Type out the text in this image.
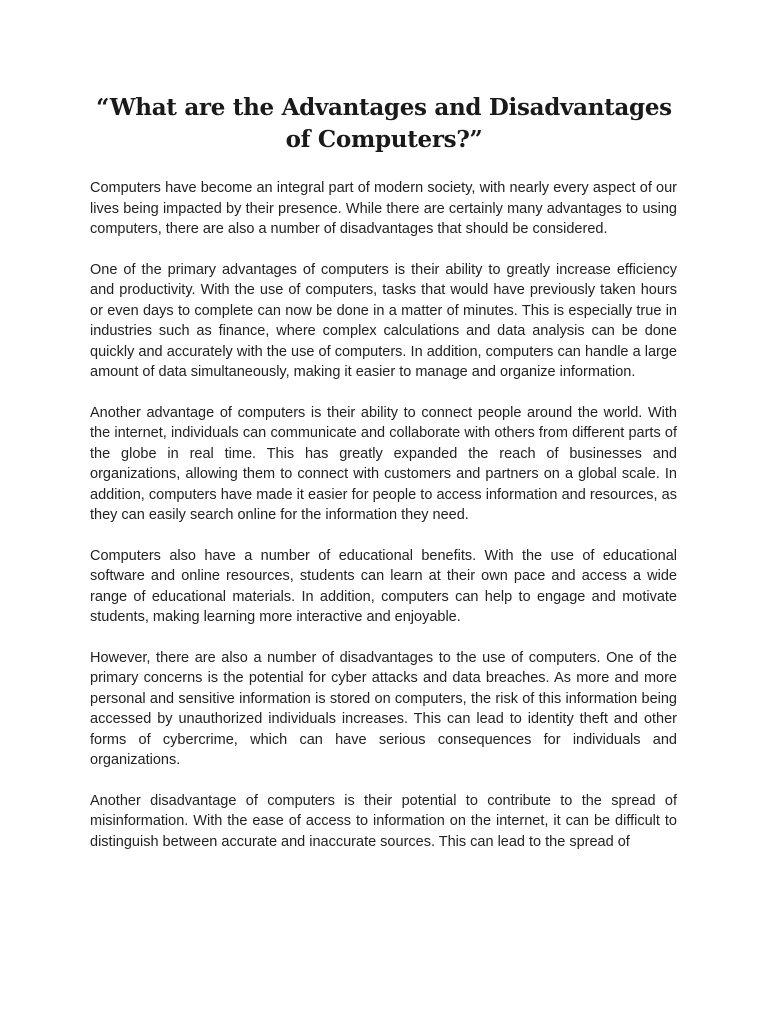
“What are the Advantages and Disadvantages of Computers?”

Computers have become an integral part of modern society, with nearly every aspect of our lives being impacted by their presence. While there are certainly many advantages to using computers, there are also a number of disadvantages that should be considered.

One of the primary advantages of computers is their ability to greatly increase efficiency and productivity. With the use of computers, tasks that would have previously taken hours or even days to complete can now be done in a matter of minutes. This is especially true in industries such as finance, where complex calculations and data analysis can be done quickly and accurately with the use of computers. In addition, computers can handle a large amount of data simultaneously, making it easier to manage and organize information.

Another advantage of computers is their ability to connect people around the world. With the internet, individuals can communicate and collaborate with others from different parts of the globe in real time. This has greatly expanded the reach of businesses and organizations, allowing them to connect with customers and partners on a global scale. In addition, computers have made it easier for people to access information and resources, as they can easily search online for the information they need.

Computers also have a number of educational benefits. With the use of educational software and online resources, students can learn at their own pace and access a wide range of educational materials. In addition, computers can help to engage and motivate students, making learning more interactive and enjoyable.

However, there are also a number of disadvantages to the use of computers. One of the primary concerns is the potential for cyber attacks and data breaches. As more and more personal and sensitive information is stored on computers, the risk of this information being accessed by unauthorized individuals increases. This can lead to identity theft and other forms of cybercrime, which can have serious consequences for individuals and organizations.

Another disadvantage of computers is their potential to contribute to the spread of misinformation. With the ease of access to information on the internet, it can be difficult to distinguish between accurate and inaccurate sources. This can lead to the spread of
